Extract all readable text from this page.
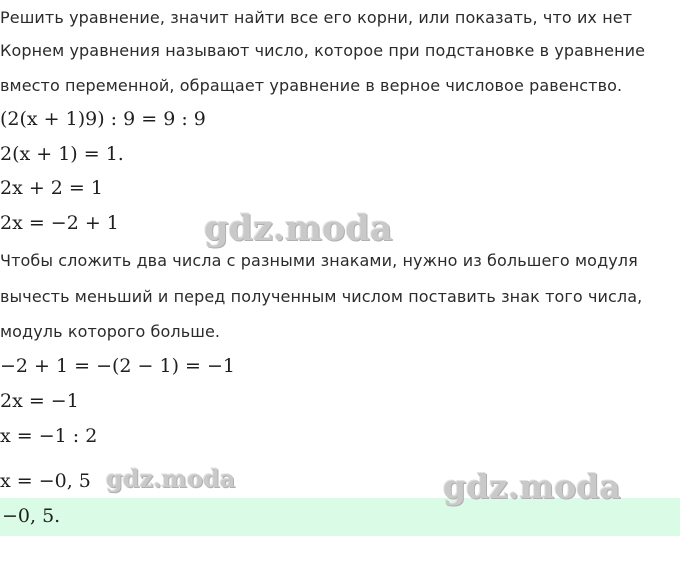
Решить уравнение, значит найти все его корни, или показать, что их нет
Корнем уравнения называют число, которое при подстановке в уравнение
вместо переменной, обращает уравнение в верное числовое равенство.
(2(x + 1)9) : 9 = 9 : 9
2(x + 1) = 1.
2x + 2 = 1
2x = −2 + 1
Чтобы сложить два числа с разными знаками, нужно из большего модуля
вычесть меньший и перед полученным числом поставить знак того числа,
модуль которого больше.
−2 + 1 = −(2 − 1) = −1
2x = −1
x = −1 : 2
x = −0, 5
−0, 5.
gdz.moda
gdz.moda	gdz.moda
